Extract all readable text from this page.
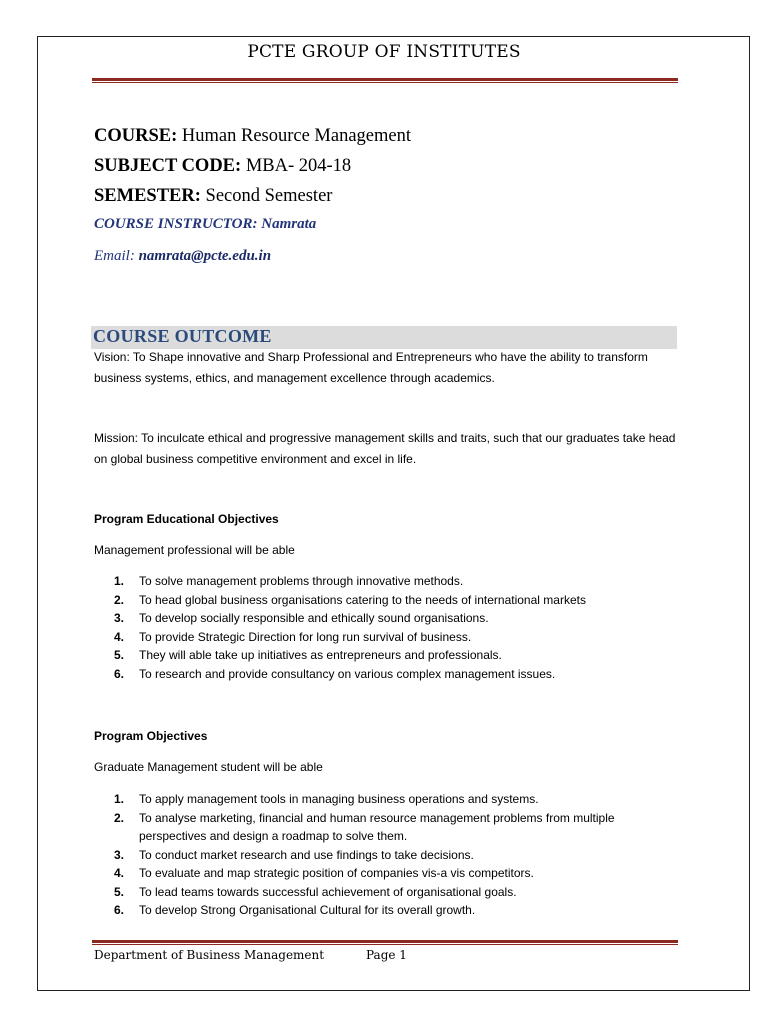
PCTE GROUP OF INSTITUTES
COURSE: Human Resource Management
SUBJECT CODE: MBA- 204-18
SEMESTER: Second Semester
COURSE INSTRUCTOR: Namrata
Email: namrata@pcte.edu.in
COURSE OUTCOME
Vision: To Shape innovative and Sharp Professional and Entrepreneurs who have the ability to transform business systems, ethics, and management excellence through academics.
Mission: To inculcate ethical and progressive management skills and traits, such that our graduates take head on global business competitive environment and excel in life.
Program Educational Objectives
Management professional will be able
1. To solve management problems through innovative methods.
2. To head global business organisations catering to the needs of international markets
3. To develop socially responsible and ethically sound organisations.
4. To provide Strategic Direction for long run survival of business.
5. They will able take up initiatives as entrepreneurs and professionals.
6. To research and provide consultancy on various complex management issues.
Program Objectives
Graduate Management student will be able
1. To apply management tools in managing business operations and systems.
2. To analyse marketing, financial and human resource management problems from multiple perspectives and design a roadmap to solve them.
3. To conduct market research and use findings to take decisions.
4. To evaluate and map strategic position of companies vis-a vis competitors.
5. To lead teams towards successful achievement of organisational goals.
6. To develop Strong Organisational Cultural for its overall growth.
Department of Business Management	Page 1
